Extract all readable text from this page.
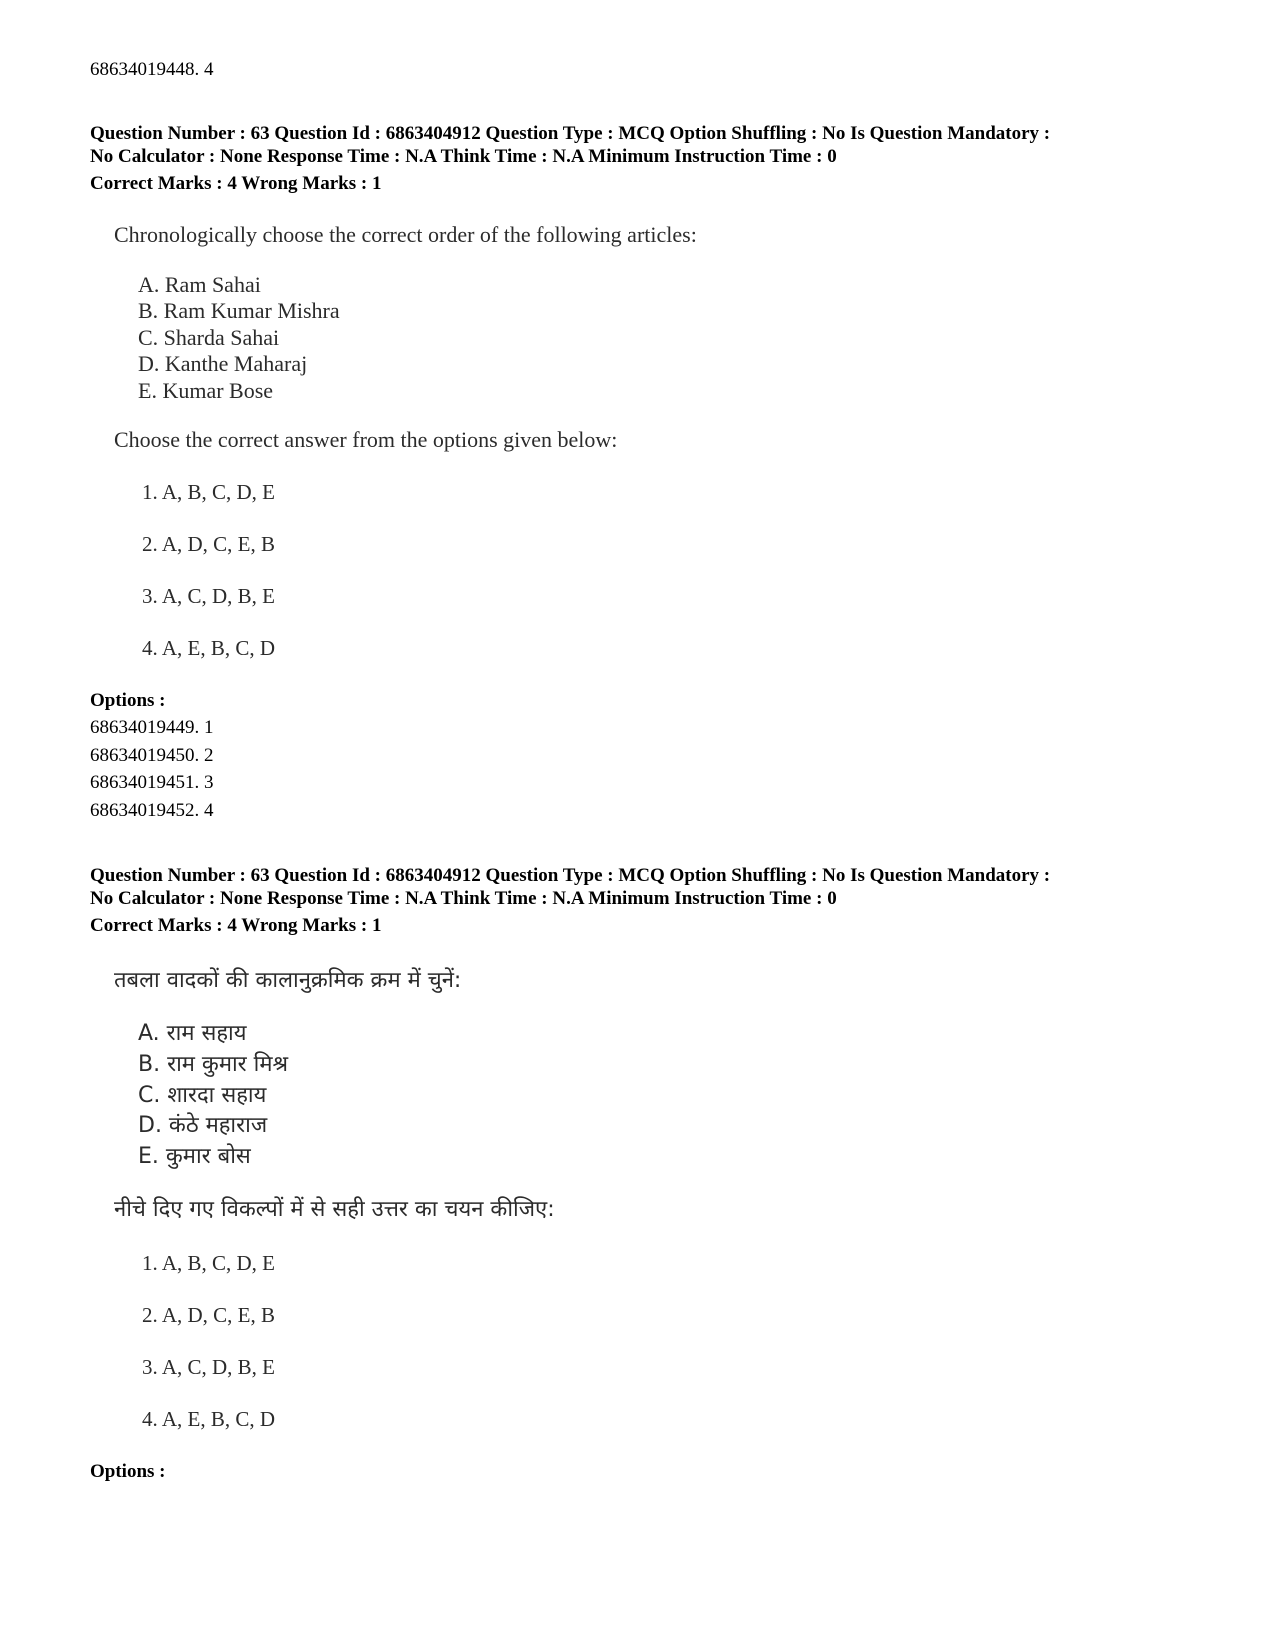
68634019448. 4
Question Number : 63 Question Id : 6863404912 Question Type : MCQ Option Shuffling : No Is Question Mandatory :
No Calculator : None Response Time : N.A Think Time : N.A Minimum Instruction Time : 0
Correct Marks : 4 Wrong Marks : 1
Chronologically choose the correct order of the following articles:
A. Ram Sahai
B. Ram Kumar Mishra
C. Sharda Sahai
D. Kanthe Maharaj
E. Kumar Bose
Choose the correct answer from the options given below:
1. A, B, C, D, E
2. A, D, C, E, B
3. A, C, D, B, E
4. A, E, B, C, D
Options :
68634019449. 1
68634019450. 2
68634019451. 3
68634019452. 4
Question Number : 63 Question Id : 6863404912 Question Type : MCQ Option Shuffling : No Is Question Mandatory :
No Calculator : None Response Time : N.A Think Time : N.A Minimum Instruction Time : 0
Correct Marks : 4 Wrong Marks : 1
तबला वादकों की कालानुक्रमिक क्रम में चुनें:
A. राम सहाय
B. राम कुमार मिश्र
C. शारदा सहाय
D. कंठे महाराज
E. कुमार बोस
नीचे दिए गए विकल्पों में से सही उत्तर का चयन कीजिए:
1. A, B, C, D, E
2. A, D, C, E, B
3. A, C, D, B, E
4. A, E, B, C, D
Options :
